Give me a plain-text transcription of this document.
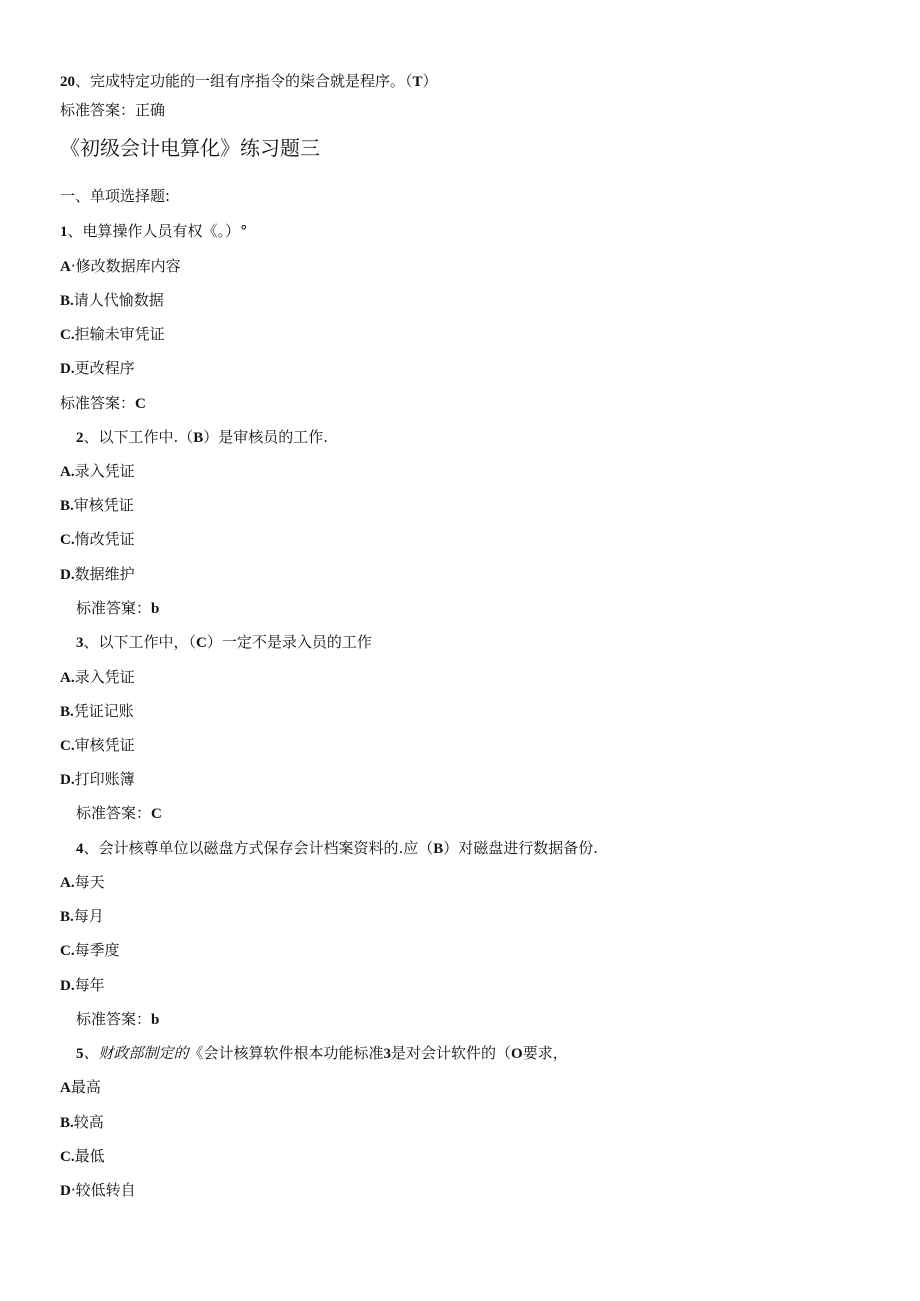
20、完成特定功能的一组有序指令的柒合就是程序。（T）
标准答案：正确
《初级会计电算化》练习题三
一、单项选择题:
1、电算操作人员有权《。）°
A·修改数据库内容
B.请人代愉数据
C.拒输未审凭证
D.更改程序
标准答案：C
2、以下工作中.（B）是审核员的工作.
A.录入凭证
B.审核凭证
C.惰改凭证
D.数据维护
标准答窠：b
3、以下工作中，（C）一定不是录入员的工作
A.录入凭证
B.凭证记账
C.审核凭证
D.打印账簿
标准答案：C
4、会计核尊单位以磁盘方式保存会计档案资料的.应（B）对磁盘进行数据备份.
A.每天
B.每月
C.每季度
D.每年
标准答案：b
5、财政部制定的《会计核算软件根本功能标准3是对会计软件的（O要求，
A最高
B.较高
C.最低
D·较低转自
